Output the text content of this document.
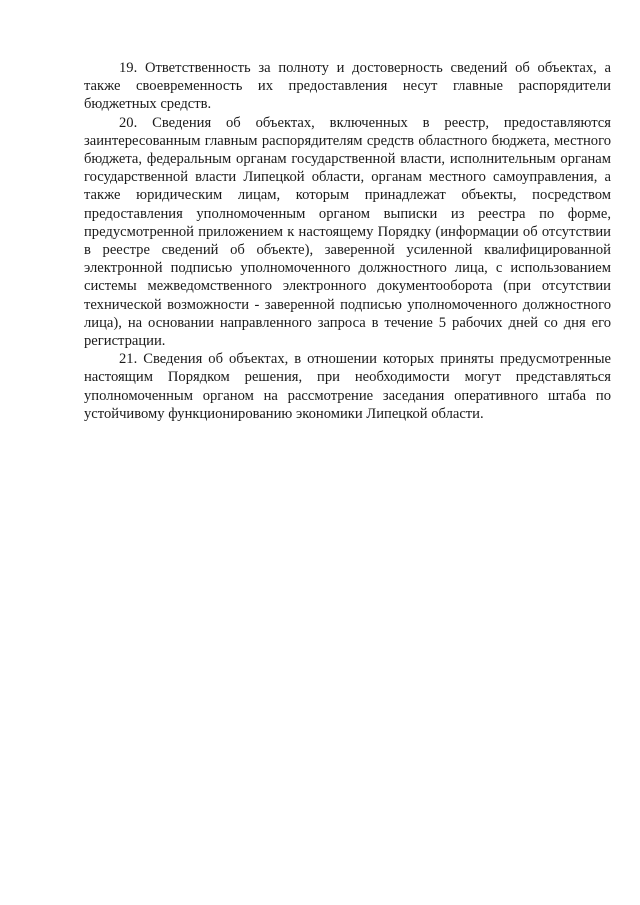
19. Ответственность за полноту и достоверность сведений об объектах, а также своевременность их предоставления несут главные распорядители бюджетных средств.

20. Сведения об объектах, включенных в реестр, предоставляются заинтересованным главным распорядителям средств областного бюджета, местного бюджета, федеральным органам государственной власти, исполнительным органам государственной власти Липецкой области, органам местного самоуправления, а также юридическим лицам, которым принадлежат объекты, посредством предоставления уполномоченным органом выписки из реестра по форме, предусмотренной приложением к настоящему Порядку (информации об отсутствии в реестре сведений об объекте), заверенной усиленной квалифицированной электронной подписью уполномоченного должностного лица, с использованием системы межведомственного электронного документооборота (при отсутствии технической возможности - заверенной подписью уполномоченного должностного лица), на основании направленного запроса в течение 5 рабочих дней со дня его регистрации.

21. Сведения об объектах, в отношении которых приняты предусмотренные настоящим Порядком решения, при необходимости могут представляться уполномоченным органом на рассмотрение заседания оперативного штаба по устойчивому функционированию экономики Липецкой области.
